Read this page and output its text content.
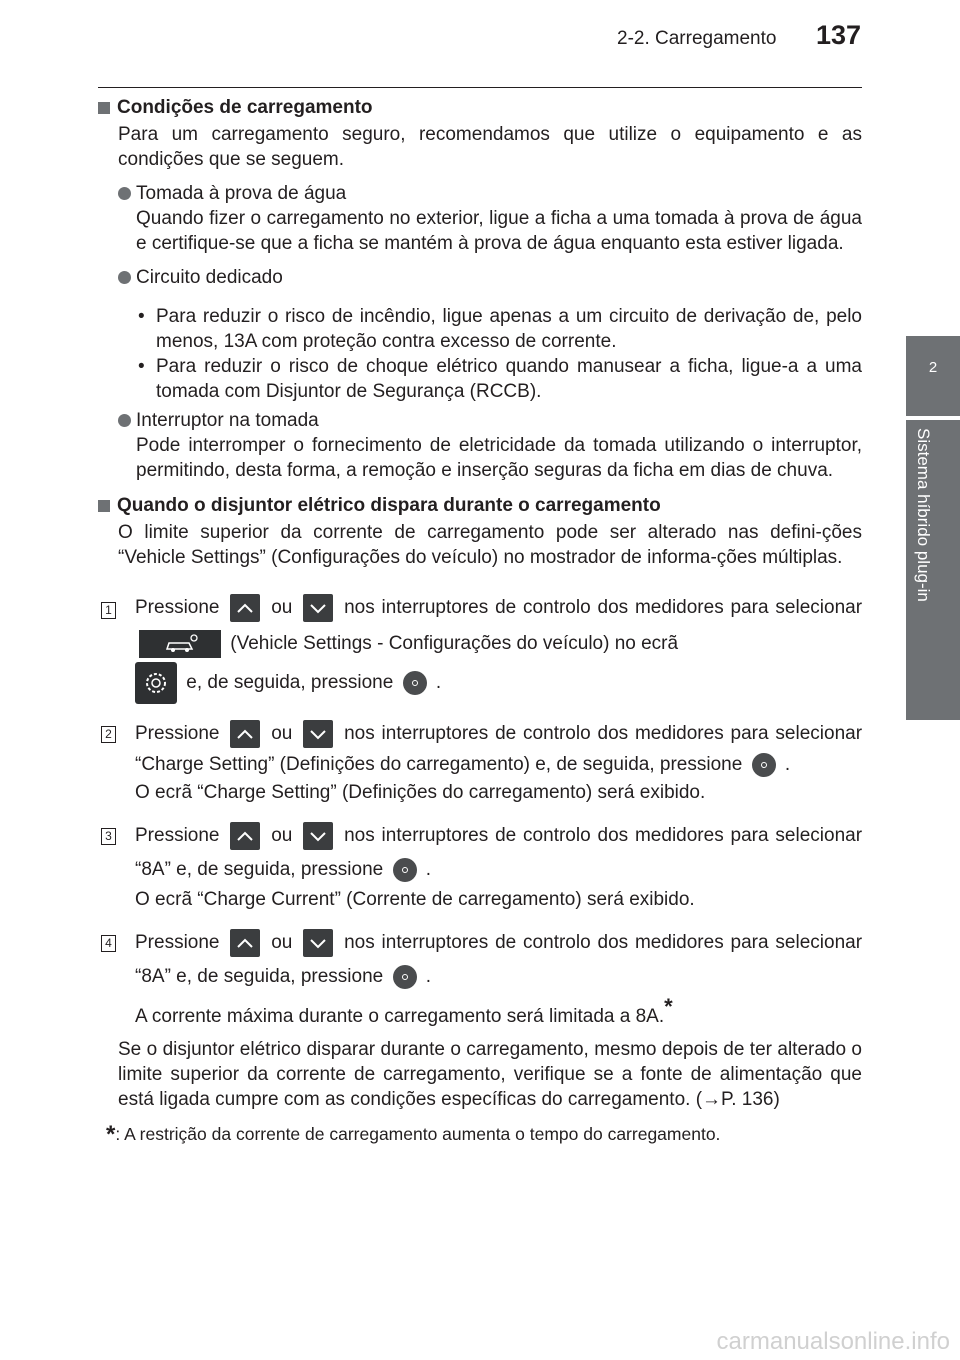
2-2. Carregamento 137
2
Sistema híbrido plug-in
Condições de carregamento
Para um carregamento seguro, recomendamos que utilize o equipamento e as condições que se seguem.
Tomada à prova de água
Quando fizer o carregamento no exterior, ligue a ficha a uma tomada à prova de água e certifique-se que a ficha se mantém à prova de água enquanto esta estiver ligada.
Circuito dedicado
• Para reduzir o risco de incêndio, ligue apenas a um circuito de derivação de, pelo menos, 13A com proteção contra excesso de corrente.
• Para reduzir o risco de choque elétrico quando manusear a ficha, ligue-a a uma tomada com Disjuntor de Segurança (RCCB).
Interruptor na tomada
Pode interromper o fornecimento de eletricidade da tomada utilizando o interruptor, permitindo, desta forma, a remoção e inserção seguras da ficha em dias de chuva.
Quando o disjuntor elétrico dispara durante o carregamento
O limite superior da corrente de carregamento pode ser alterado nas defini-ções “Vehicle Settings” (Configurações do veículo) no mostrador de informa-ções múltiplas.
1 Pressione	ou	nos interruptores de controlo dos medidores para selecionar  (Vehicle Settings - Configurações do veículo) no ecrã
e, de seguida, pressione .
2 Pressione	ou	nos interruptores de controlo dos medidores para selecionar “Charge Setting” (Definições do carregamento) e, de seguida, pressione .
O ecrã “Charge Setting” (Definições do carregamento) será exibido.
3 Pressione	ou	nos interruptores de controlo dos medidores para selecionar “8A” e, de seguida, pressione .
O ecrã “Charge Current” (Corrente de carregamento) será exibido.
4 Pressione	ou	nos interruptores de controlo dos medidores para selecionar “8A” e, de seguida, pressione .
A corrente máxima durante o carregamento será limitada a 8A.*
Se o disjuntor elétrico disparar durante o carregamento, mesmo depois de ter alterado o limite superior da corrente de carregamento, verifique se a fonte de alimentação que está ligada cumpre com as condições específicas do carregamento. (→P. 136)
*: A restrição da corrente de carregamento aumenta o tempo do carregamento.
carmanualsonline.info
